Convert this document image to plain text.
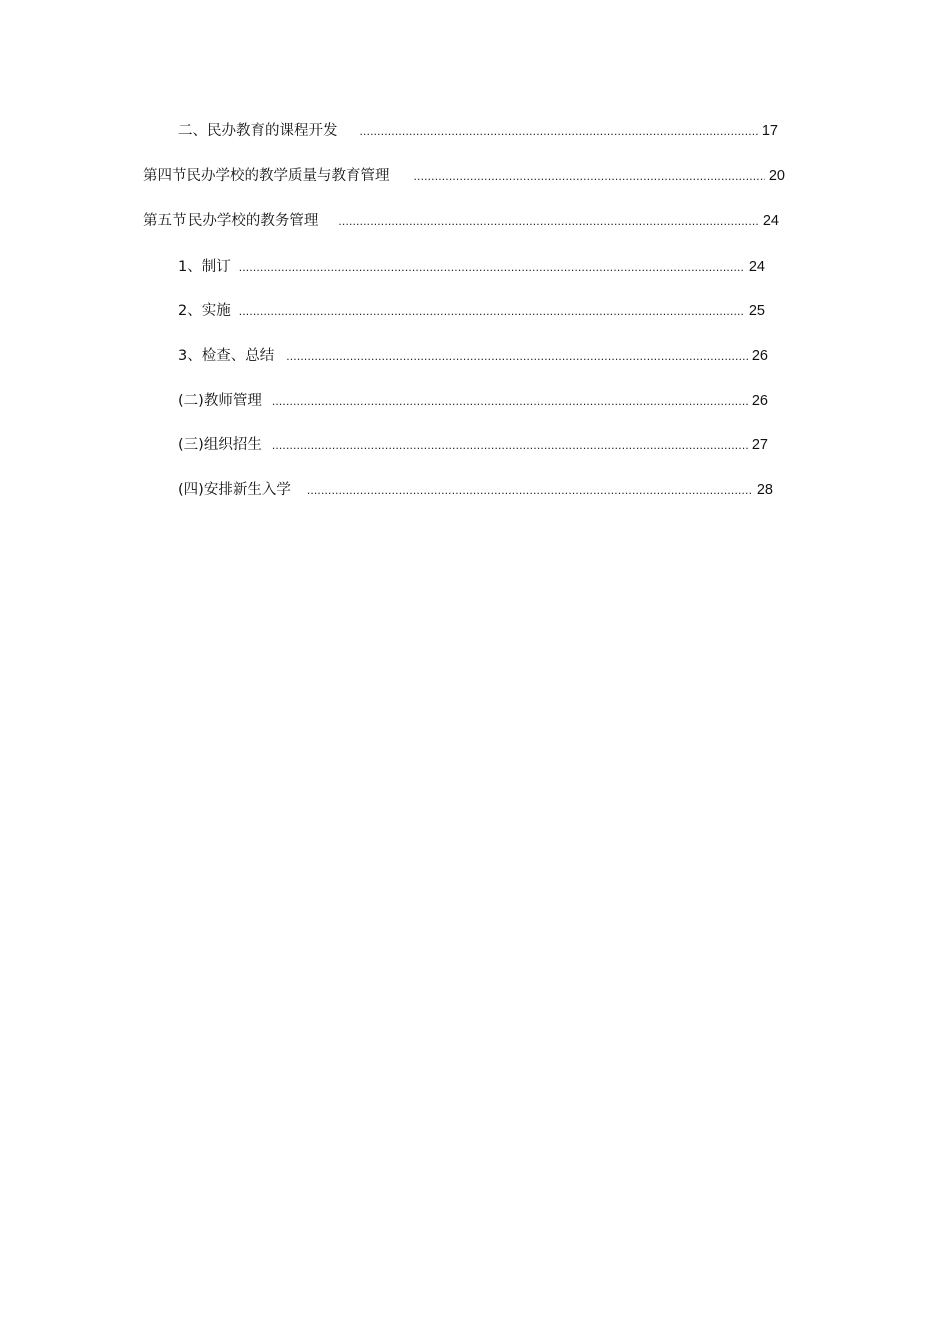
二、民办教育的课程开发 .....	17
第四节 民办学校的教学质量与教育管理 .....	20
第五节 民办学校的教务管理 .....	24
1、制订 .....	24
2、实施 .....	25
3、检查、总结 .....	26
(二)教师管理 .....	26
(三)组织招生 .....	27
(四)安排新生入学 .....	28
